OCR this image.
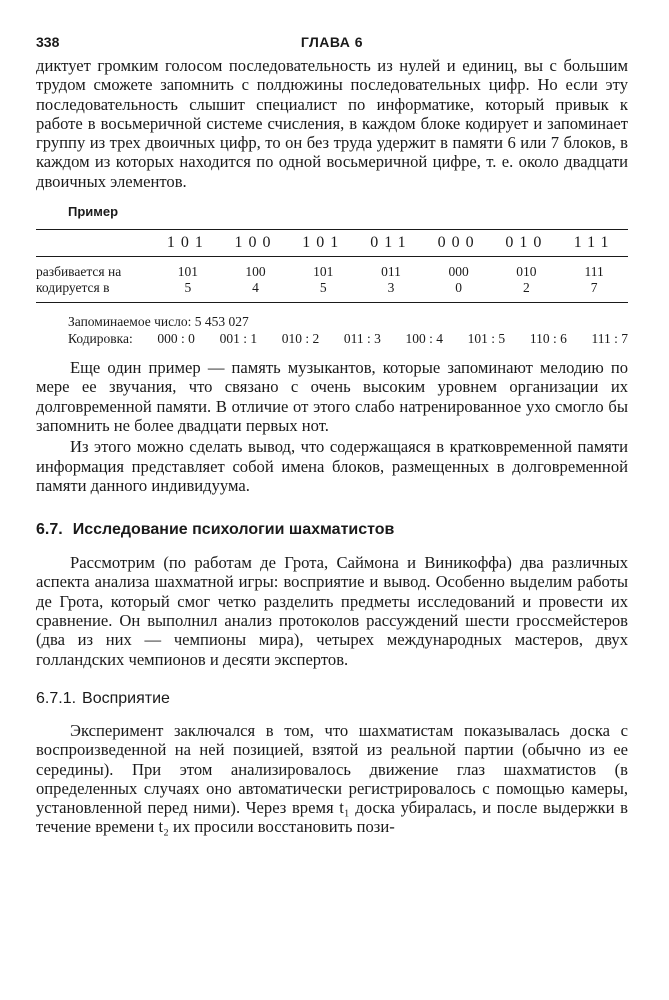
338	ГЛАВА 6

диктует громким голосом последовательность из нулей и единиц, вы с большим трудом сможете запомнить с полдюжины последовательных цифр. Но если эту последовательность слышит специалист по информатике, который привык к работе в восьмеричной системе счисления, в каждом блоке кодирует и запоминает группу из трех двоичных цифр, то он без труда удержит в памяти 6 или 7 блоков, в каждом из которых находится по одной восьмеричной цифре, т. е. около двадцати двоичных элементов.

Пример
	101	100	101	011	000	010	111
разбивается на	101	100	101	011	000	010	111
кодируется в	5	4	5	3	0	2	7
Запоминаемое число: 5 453 027
Кодировка: 000 : 0 001 : 1 010 : 2 011 : 3 100 : 4 101 : 5 110 : 6 111 : 7

Еще один пример — память музыкантов, которые запоминают мелодию по мере ее звучания, что связано с очень высоким уровнем организации их долговременной памяти. В отличие от этого слабо натренированное ухо смогло бы запомнить не более двадцати первых нот.

Из этого можно сделать вывод, что содержащаяся в кратковременной памяти информация представляет собой имена блоков, размещенных в долговременной памяти данного индивидуума.

6.7. Исследование психологии шахматистов

Рассмотрим (по работам де Грота, Саймона и Виникоффа) два различных аспекта анализа шахматной игры: восприятие и вывод. Особенно выделим работы де Грота, который смог четко разделить предметы исследований и провести их сравнение. Он выполнил анализ протоколов рассуждений шести гроссмейстеров (два из них — чемпионы мира), четырех международных мастеров, двух голландских чемпионов и десяти экспертов.

6.7.1. Восприятие

Эксперимент заключался в том, что шахматистам показывалась доска с воспроизведенной на ней позицией, взятой из реальной партии (обычно из ее середины). При этом анализировалось движение глаз шахматистов (в определенных случаях оно автоматически регистрировалось с помощью камеры, установленной перед ними). Через время t₁ доска убиралась, и после выдержки в течение времени t₂ их просили восстановить пози-
